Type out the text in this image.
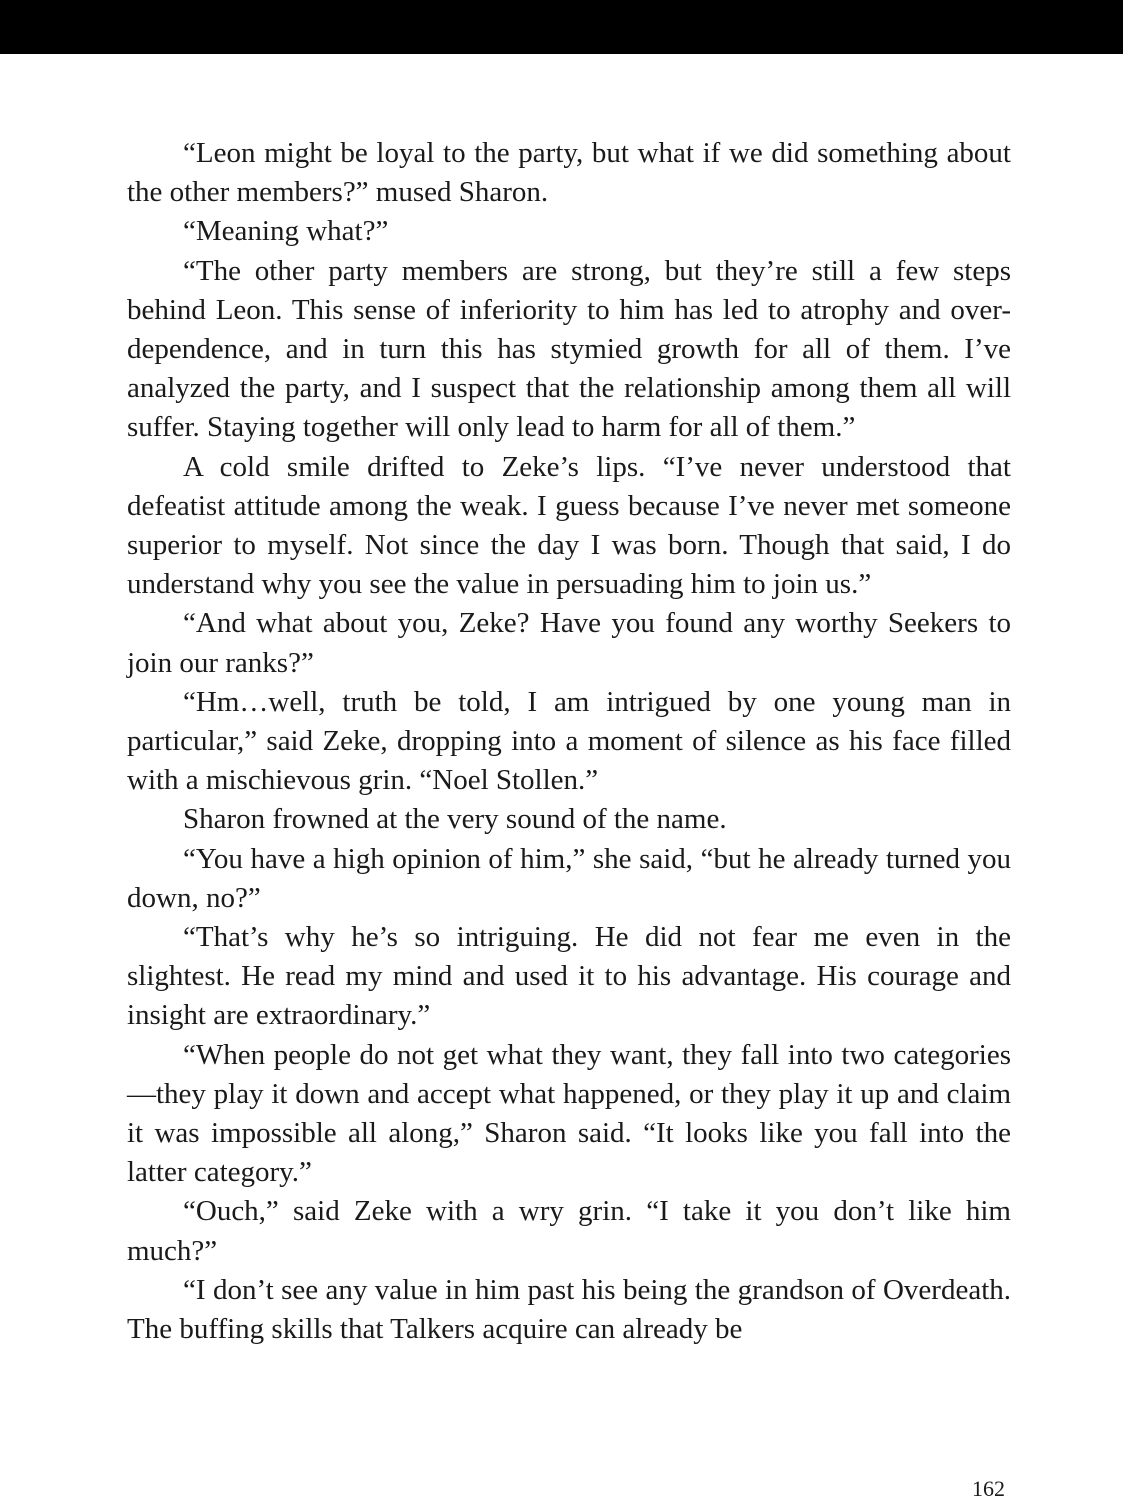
“Leon might be loyal to the party, but what if we did something about the other members?” mused Sharon.

“Meaning what?”

“The other party members are strong, but they’re still a few steps behind Leon. This sense of inferiority to him has led to atrophy and over-dependence, and in turn this has stymied growth for all of them. I’ve analyzed the party, and I suspect that the relationship among them all will suffer. Staying together will only lead to harm for all of them.”

A cold smile drifted to Zeke’s lips. “I’ve never understood that defeatist attitude among the weak. I guess because I’ve never met someone superior to myself. Not since the day I was born. Though that said, I do understand why you see the value in persuading him to join us.”

“And what about you, Zeke? Have you found any worthy Seekers to join our ranks?”

“Hm…well, truth be told, I am intrigued by one young man in particular,” said Zeke, dropping into a moment of silence as his face filled with a mischievous grin. “Noel Stollen.”

Sharon frowned at the very sound of the name.

“You have a high opinion of him,” she said, “but he already turned you down, no?”

“That’s why he’s so intriguing. He did not fear me even in the slightest. He read my mind and used it to his advantage. His courage and insight are extraordinary.”

“When people do not get what they want, they fall into two categories—they play it down and accept what happened, or they play it up and claim it was impossible all along,” Sharon said. “It looks like you fall into the latter category.”

“Ouch,” said Zeke with a wry grin. “I take it you don’t like him much?”

“I don’t see any value in him past his being the grandson of Overdeath. The buffing skills that Talkers acquire can already be

162
